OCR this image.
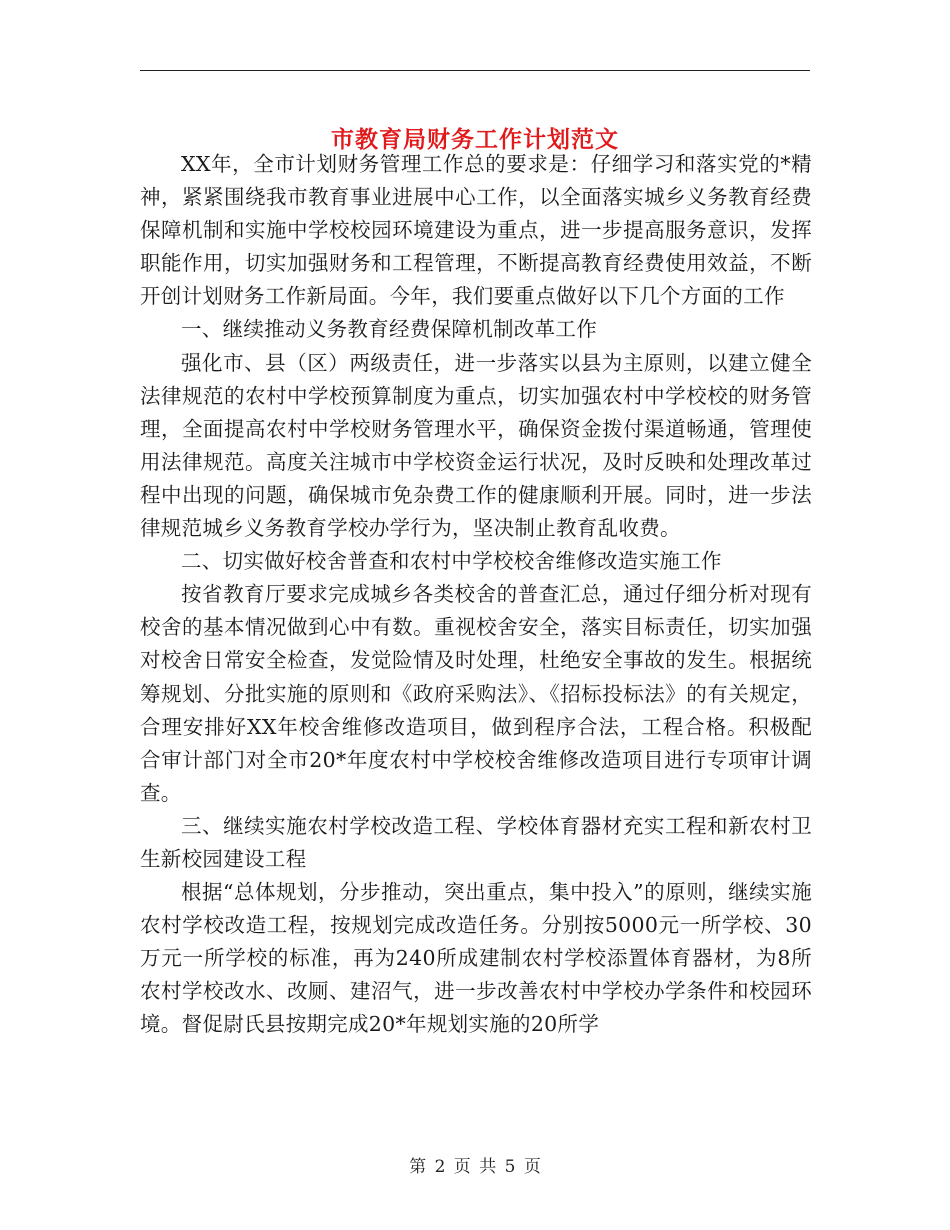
市教育局财务工作计划范文

XX年，全市计划财务管理工作总的要求是：仔细学习和落实党的*精神，紧紧围绕我市教育事业进展中心工作，以全面落实城乡义务教育经费保障机制和实施中学校校园环境建设为重点，进一步提高服务意识，发挥职能作用，切实加强财务和工程管理，不断提高教育经费使用效益，不断开创计划财务工作新局面。今年，我们要重点做好以下几个方面的工作

一、继续推动义务教育经费保障机制改革工作

强化市、县（区）两级责任，进一步落实以县为主原则，以建立健全法律规范的农村中学校预算制度为重点，切实加强农村中学校校的财务管理，全面提高农村中学校财务管理水平，确保资金拨付渠道畅通，管理使用法律规范。高度关注城市中学校资金运行状况，及时反映和处理改革过程中出现的问题，确保城市免杂费工作的健康顺利开展。同时，进一步法律规范城乡义务教育学校办学行为，坚决制止教育乱收费。

二、切实做好校舍普查和农村中学校校舍维修改造实施工作

按省教育厅要求完成城乡各类校舍的普查汇总，通过仔细分析对现有校舍的基本情况做到心中有数。重视校舍安全，落实目标责任，切实加强对校舍日常安全检查，发觉险情及时处理，杜绝安全事故的发生。根据统筹规划、分批实施的原则和《政府采购法》、《招标投标法》的有关规定，合理安排好XX年校舍维修改造项目，做到程序合法，工程合格。积极配合审计部门对全市20*年度农村中学校校舍维修改造项目进行专项审计调查。

三、继续实施农村学校改造工程、学校体育器材充实工程和新农村卫生新校园建设工程

根据“总体规划，分步推动，突出重点，集中投入”的原则，继续实施农村学校改造工程，按规划完成改造任务。分别按5000元一所学校、30万元一所学校的标准，再为240所成建制农村学校添置体育器材，为8所农村学校改水、改厕、建沼气，进一步改善农村中学校办学条件和校园环境。督促尉氏县按期完成20*年规划实施的20所学

第 2 页 共 5 页
